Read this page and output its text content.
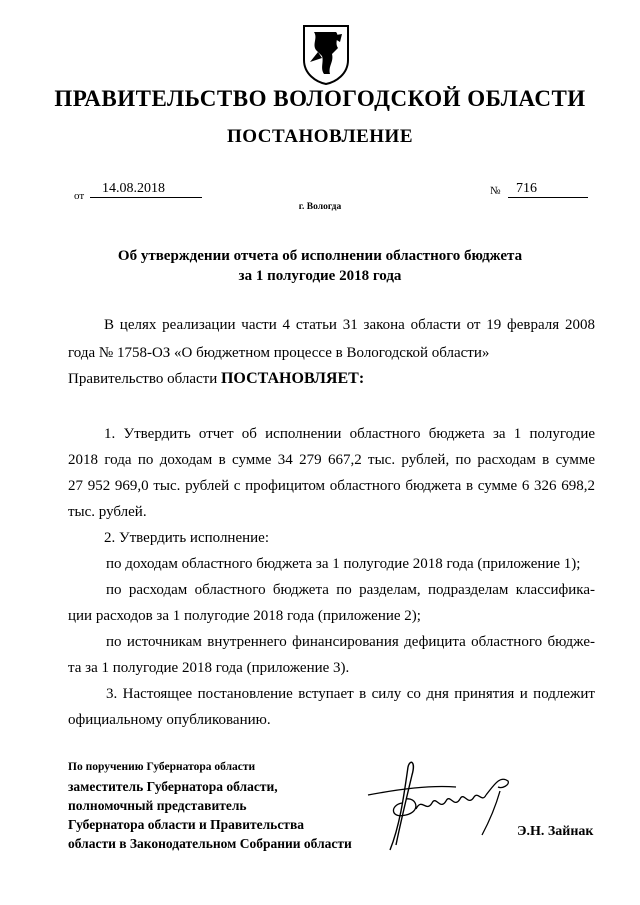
ПРАВИТЕЛЬСТВО ВОЛОГОДСКОЙ ОБЛАСТИ
ПОСТАНОВЛЕНИЕ
от	14.08.2018	№	716
г. Вологда
Об утверждении отчета об исполнении областного бюджета
за 1 полугодие 2018 года
В целях реализации части 4 статьи 31 закона области от 19 февраля 2008
года № 1758-ОЗ «О бюджетном процессе в Вологодской области»
Правительство области ПОСТАНОВЛЯЕТ:
1. Утвердить отчет об исполнении областного бюджета за 1 полугодие
2018 года по доходам в сумме 34 279 667,2 тыс. рублей, по расходам в сумме
27 952 969,0 тыс. рублей с профицитом областного бюджета в сумме 6 326 698,2
тыс. рублей.
2. Утвердить исполнение:
по доходам областного бюджета за 1 полугодие 2018 года (приложение 1);
по расходам областного бюджета по разделам, подразделам классифика-
ции расходов за 1 полугодие 2018 года (приложение 2);
по источникам внутреннего финансирования дефицита областного бюдже-
та за 1 полугодие 2018 года (приложение 3).
3. Настоящее постановление вступает в силу со дня принятия и подлежит
официальному опубликованию.
По поручению Губернатора области
заместитель Губернатора области,
полномочный представитель
Губернатора области и Правительства
области в Законодательном Собрании области
Э.Н. Зайнак
